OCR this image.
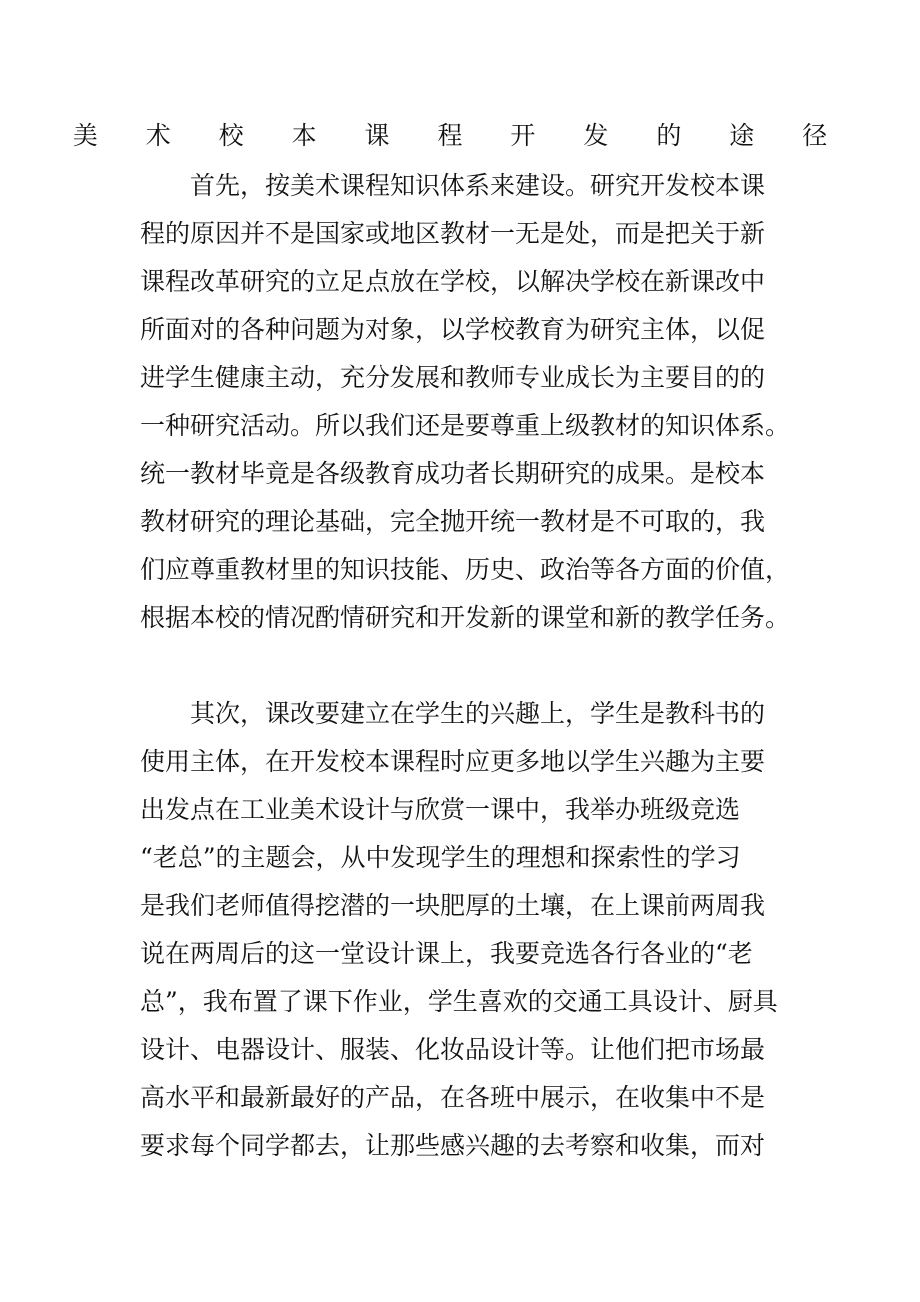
美 术 校 本 课 程 开 发 的 途 径
首先，按美术课程知识体系来建设。研究开发校本课
程的原因并不是国家或地区教材一无是处，而是把关于新
课程改革研究的立足点放在学校，以解决学校在新课改中
所面对的各种问题为对象，以学校教育为研究主体，以促
进学生健康主动，充分发展和教师专业成长为主要目的的
一种研究活动。所以我们还是要尊重上级教材的知识体系。
统一教材毕竟是各级教育成功者长期研究的成果。是校本
教材研究的理论基础，完全抛开统一教材是不可取的，我
们应尊重教材里的知识技能、历史、政治等各方面的价值，
根据本校的情况酌情研究和开发新的课堂和新的教学任务。
其次，课改要建立在学生的兴趣上，学生是教科书的
使用主体，在开发校本课程时应更多地以学生兴趣为主要
出发点在工业美术设计与欣赏一课中，我举办班级竞选
“老总”的主题会，从中发现学生的理想和探索性的学习
是我们老师值得挖潜的一块肥厚的土壤，在上课前两周我
说在两周后的这一堂设计课上，我要竞选各行各业的“老
总”，我布置了课下作业，学生喜欢的交通工具设计、厨具
设计、电器设计、服装、化妆品设计等。让他们把市场最
高水平和最新最好的产品，在各班中展示，在收集中不是
要求每个同学都去，让那些感兴趣的去考察和收集，而对
